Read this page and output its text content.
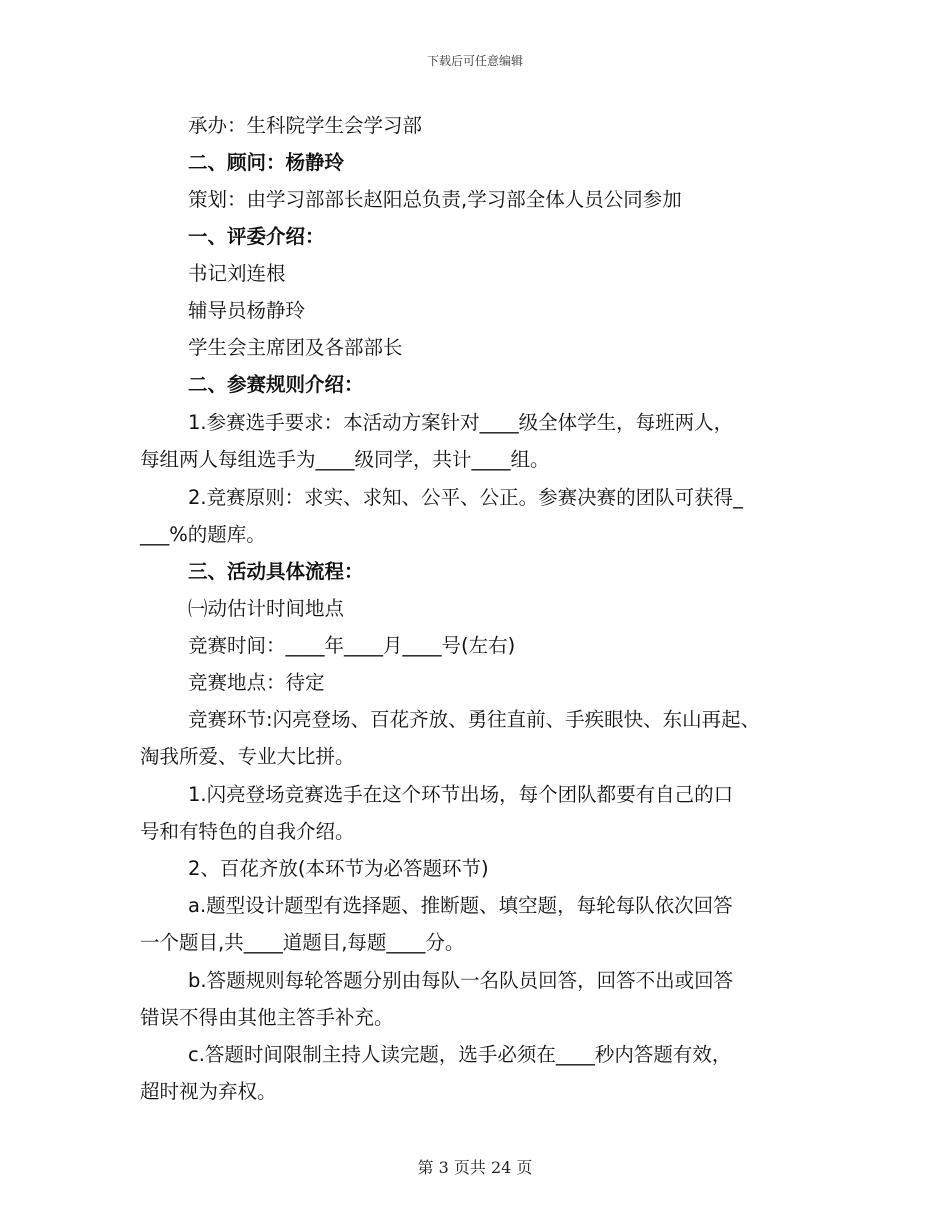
下载后可任意编辑
承办：生科院学生会学习部
二、顾问：杨静玲
策划：由学习部部长赵阳总负责,学习部全体人员公同参加
一、评委介绍：
书记刘连根
辅导员杨静玲
学生会主席团及各部部长
二、参赛规则介绍：
1.参赛选手要求：本活动方案针对____级全体学生，每班两人，
每组两人每组选手为____级同学，共计____组。
2.竞赛原则：求实、求知、公平、公正。参赛决赛的团队可获得_
___%的题库。
三、活动具体流程：
㈠动估计时间地点
竞赛时间：____年____月____号(左右)
竞赛地点：待定
竞赛环节:闪亮登场、百花齐放、勇往直前、手疾眼快、东山再起、
淘我所爱、专业大比拼。
1.闪亮登场竞赛选手在这个环节出场，每个团队都要有自己的口
号和有特色的自我介绍。
2、百花齐放(本环节为必答题环节)
a.题型设计题型有选择题、推断题、填空题，每轮每队依次回答
一个题目,共____道题目,每题____分。
b.答题规则每轮答题分别由每队一名队员回答，回答不出或回答
错误不得由其他主答手补充。
c.答题时间限制主持人读完题，选手必须在____秒内答题有效，
超时视为弃权。
第 3 页共 24 页
